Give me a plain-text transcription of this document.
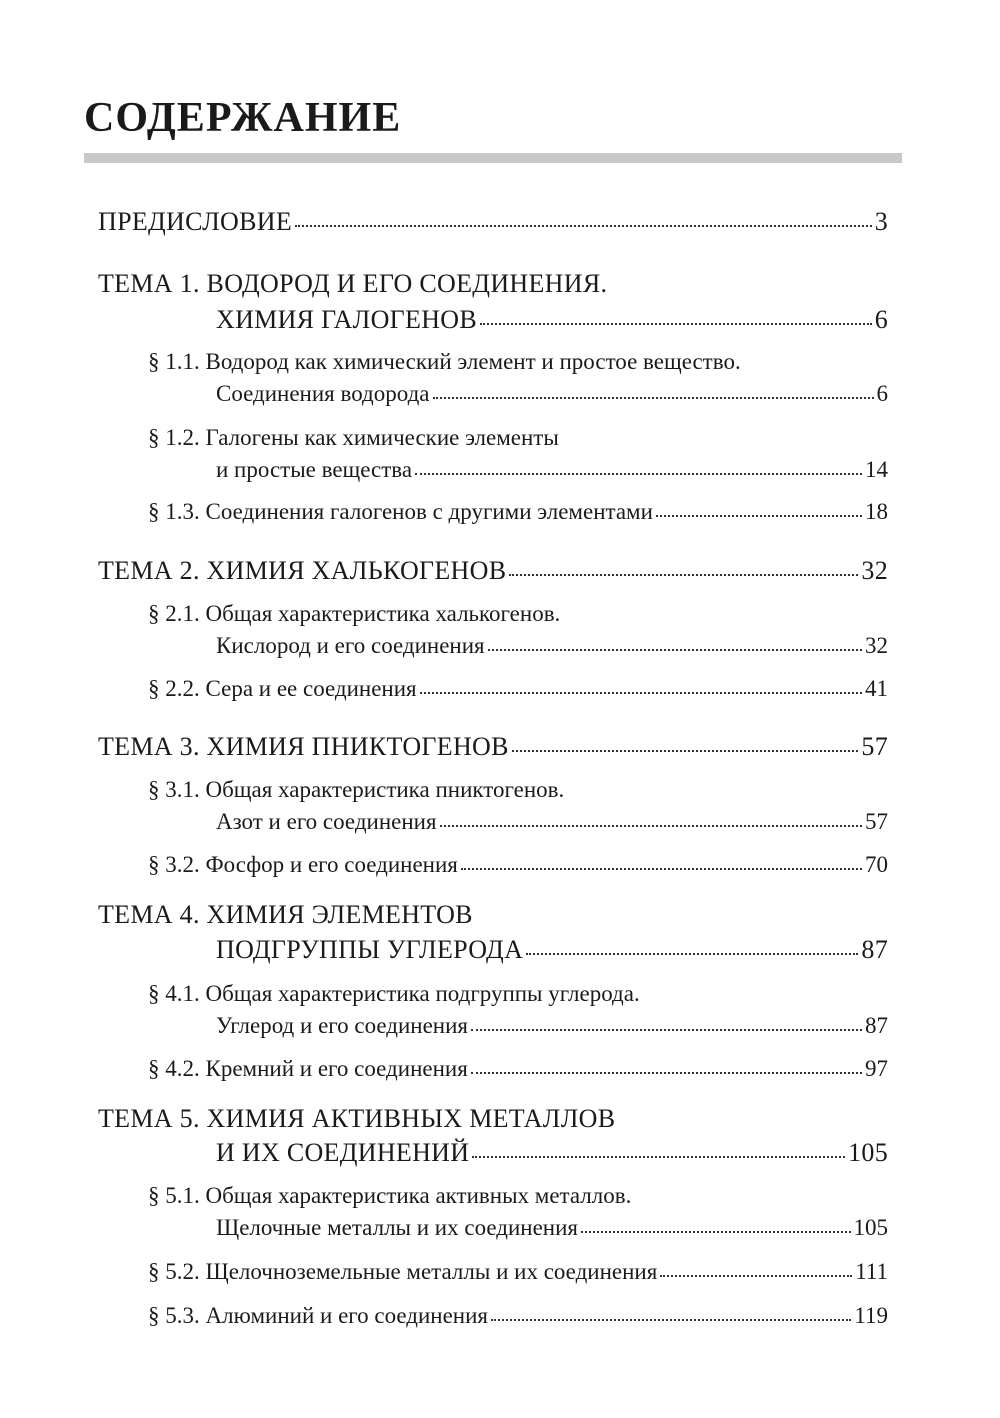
СОДЕРЖАНИЕ
ПРЕДИСЛОВИЕ	3
ТЕМА 1. ВОДОРОД И ЕГО СОЕДИНЕНИЯ.
ХИМИЯ ГАЛОГЕНОВ	6
§ 1.1. Водород как химический элемент и простое вещество.
Соединения водорода	6
§ 1.2. Галогены как химические элементы
и простые вещества	14
§ 1.3. Соединения галогенов с другими элементами	18
ТЕМА 2. ХИМИЯ ХАЛЬКОГЕНОВ	32
§ 2.1. Общая характеристика халькогенов.
Кислород и его соединения	32
§ 2.2. Сера и ее соединения	41
ТЕМА 3. ХИМИЯ ПНИКТОГЕНОВ	57
§ 3.1. Общая характеристика пниктогенов.
Азот и его соединения	57
§ 3.2. Фосфор и его соединения	70
ТЕМА 4. ХИМИЯ ЭЛЕМЕНТОВ
ПОДГРУППЫ УГЛЕРОДА	87
§ 4.1. Общая характеристика подгруппы углерода.
Углерод и его соединения	87
§ 4.2. Кремний и его соединения	97
ТЕМА 5. ХИМИЯ АКТИВНЫХ МЕТАЛЛОВ
И ИХ СОЕДИНЕНИЙ	105
§ 5.1. Общая характеристика активных металлов.
Щелочные металлы и их соединения	105
§ 5.2. Щелочноземельные металлы и их соединения	111
§ 5.3. Алюминий и его соединения	119
